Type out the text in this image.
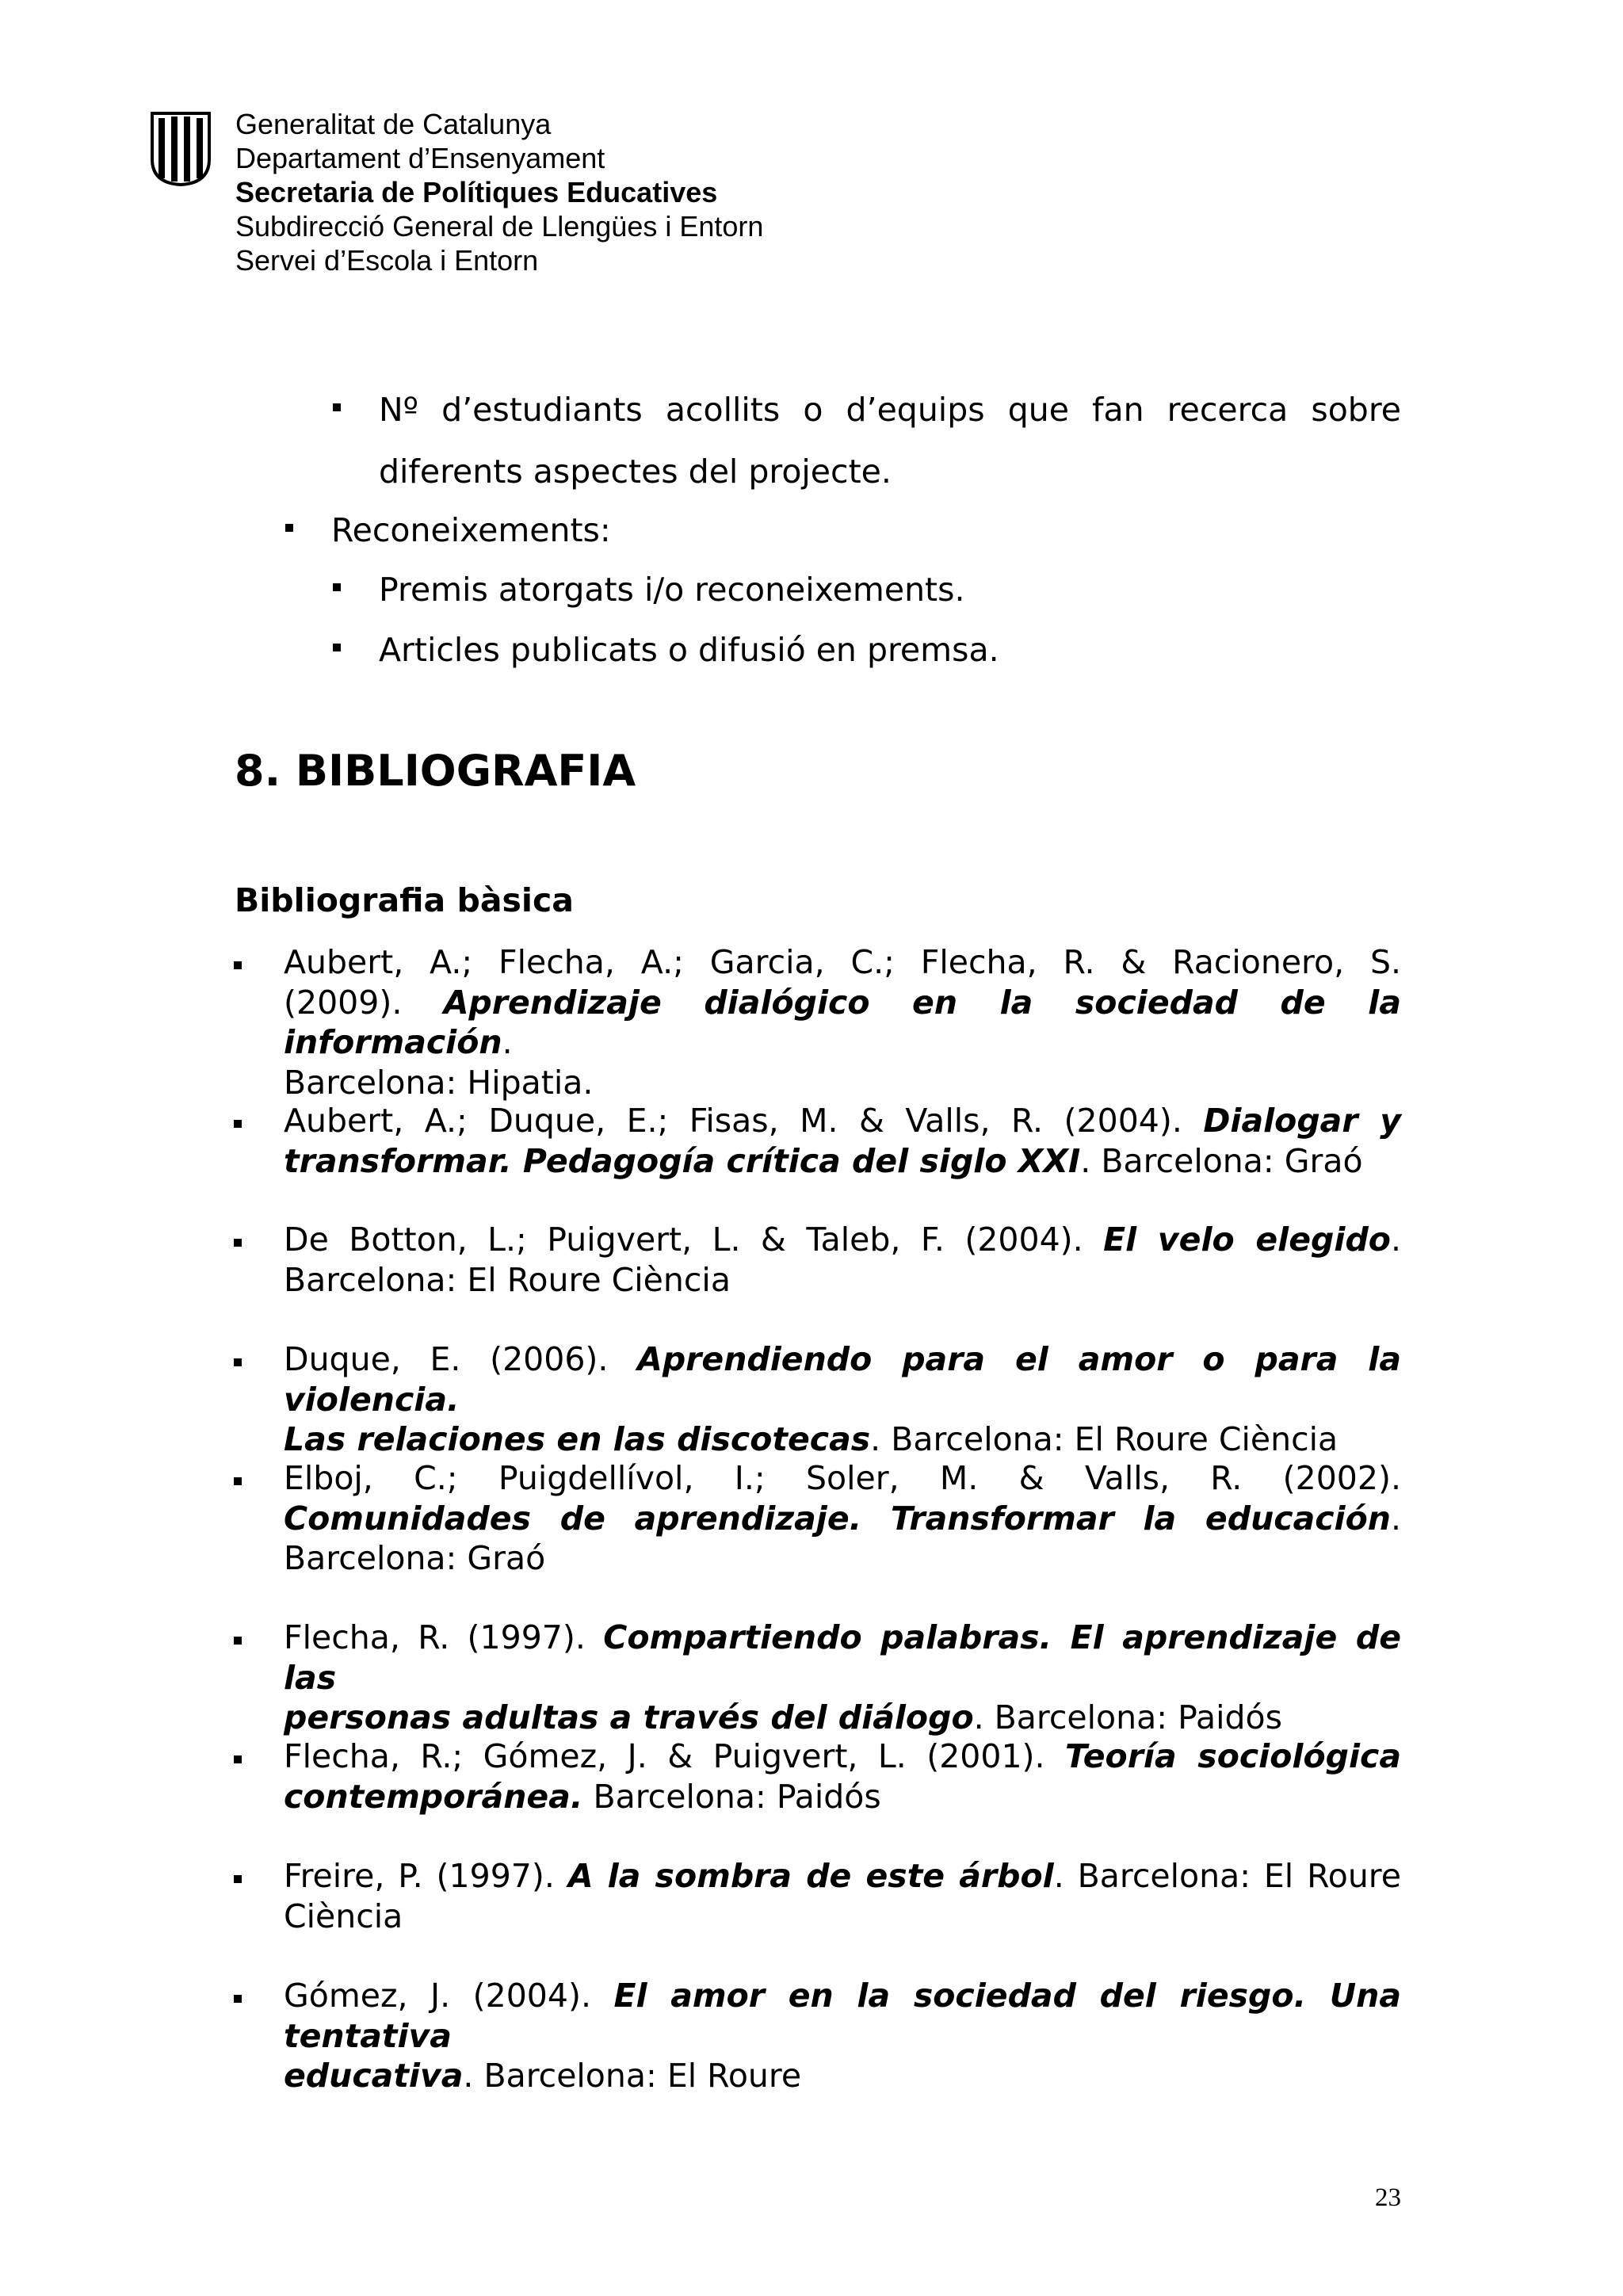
Generalitat de Catalunya
Departament d’Ensenyament
Secretaria de Polítiques Educatives
Subdirecció General de Llengües i Entorn
Servei d’Escola i Entorn
Nº d’estudiants acollits o d’equips que fan recerca sobre
diferents aspectes del projecte.
Reconeixements:
Premis atorgats i/o reconeixements.
Articles publicats o difusió en premsa.
8. BIBLIOGRAFIA
Bibliografia bàsica
Aubert, A.; Flecha, A.; Garcia, C.; Flecha, R. & Racionero, S.
(2009). Aprendizaje dialógico en la sociedad de la información.
Barcelona: Hipatia.
Aubert, A.; Duque, E.; Fisas, M. & Valls, R. (2004). Dialogar y
transformar. Pedagogía crítica del siglo XXI. Barcelona: Graó
De Botton, L.; Puigvert, L. & Taleb, F. (2004). El velo elegido.
Barcelona: El Roure Ciència
Duque, E. (2006). Aprendiendo para el amor o para la violencia.
Las relaciones en las discotecas. Barcelona: El Roure Ciència
Elboj, C.; Puigdellívol, I.; Soler, M. & Valls, R. (2002).
Comunidades de aprendizaje. Transformar la educación.
Barcelona: Graó
Flecha, R. (1997). Compartiendo palabras. El aprendizaje de las
personas adultas a través del diálogo. Barcelona: Paidós
Flecha, R.; Gómez, J. & Puigvert, L. (2001). Teoría sociológica
contemporánea. Barcelona: Paidós
Freire, P. (1997). A la sombra de este árbol. Barcelona: El Roure
Ciència
Gómez, J. (2004). El amor en la sociedad del riesgo. Una tentativa
educativa. Barcelona: El Roure
23
